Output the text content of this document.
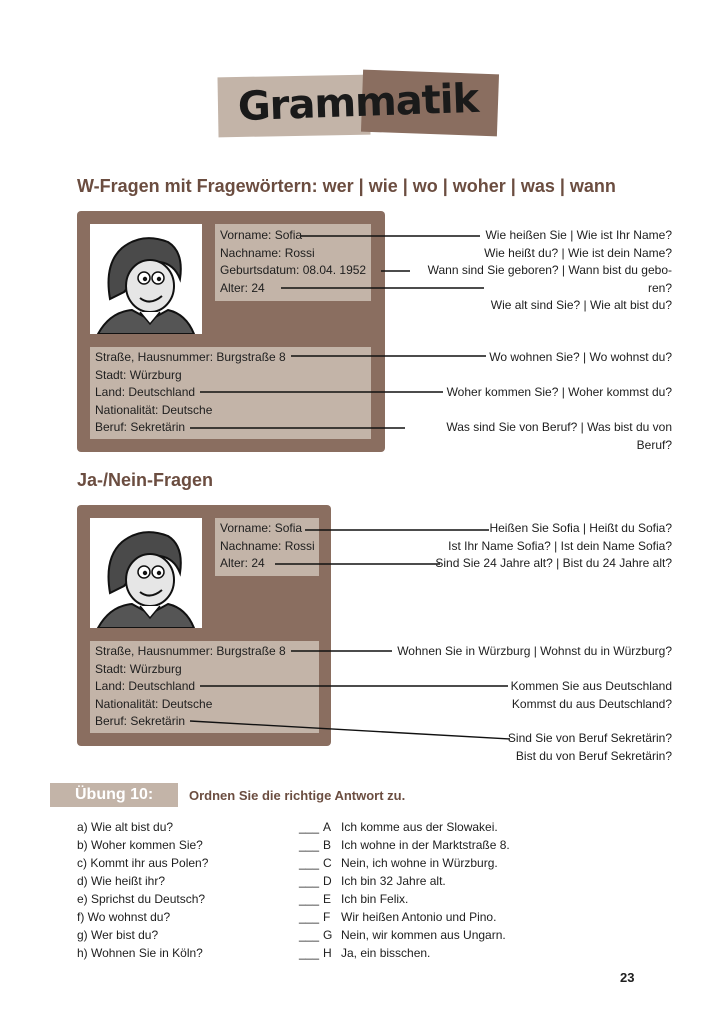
Grammatik
W-Fragen mit Fragewörtern: wer | wie | wo | woher | was | wann
Vorname: Sofia
Nachname: Rossi
Geburtsdatum: 08.04. 1952
Alter: 24
Straße, Hausnummer: Burgstraße 8
Stadt: Würzburg
Land: Deutschland
Nationalität: Deutsche
Beruf: Sekretärin
Wie heißen Sie | Wie ist Ihr Name?
Wie heißt du? | Wie ist dein Name?
Wann sind Sie geboren? | Wann bist du gebo-
ren?
Wie alt sind Sie? | Wie alt bist du?
Wo wohnen Sie? | Wo wohnst du?
Woher kommen Sie? | Woher kommst du?
Was sind Sie von Beruf? | Was bist du von
Beruf?
Ja-/Nein-Fragen
Vorname: Sofia
Nachname: Rossi
Alter: 24
Straße, Hausnummer: Burgstraße 8
Stadt: Würzburg
Land: Deutschland
Nationalität: Deutsche
Beruf: Sekretärin
Heißen Sie Sofia | Heißt du Sofia?
Ist Ihr Name Sofia? | Ist dein Name Sofia?
Sind Sie 24 Jahre alt? | Bist du 24 Jahre alt?
Wohnen Sie in Würzburg | Wohnst du in Würzburg?
Kommen Sie aus Deutschland
Kommst du aus Deutschland?
Sind Sie von Beruf Sekretärin?
Bist du von Beruf Sekretärin?
Übung 10:	Ordnen Sie die richtige Antwort zu.
a) Wie alt bist du?
b) Woher kommen Sie?
c) Kommt ihr aus Polen?
d) Wie heißt ihr?
e) Sprichst du Deutsch?
f) Wo wohnst du?
g) Wer bist du?
h) Wohnen Sie in Köln?
___
___
___
___
___
___
___
___
A
B
C
D
E
F
G
H
Ich komme aus der Slowakei.
Ich wohne in der Marktstraße 8.
Nein, ich wohne in Würzburg.
Ich bin 32 Jahre alt.
Ich bin Felix.
Wir heißen Antonio und Pino.
Nein, wir kommen aus Ungarn.
Ja, ein bisschen.
23
